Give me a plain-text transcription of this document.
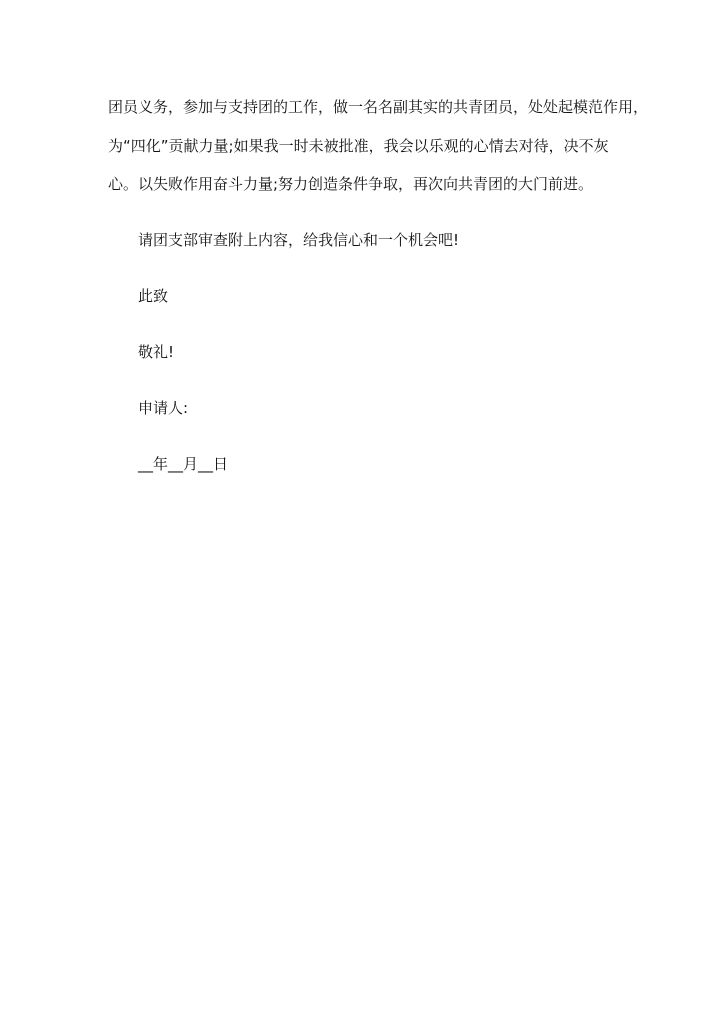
团员义务，参加与支持团的工作，做一名名副其实的共青团员，处处起模范作用，
为“四化”贡献力量;如果我一时未被批准，我会以乐观的心情去对待，决不灰
心。以失败作用奋斗力量;努力创造条件争取，再次向共青团的大门前进。
请团支部审查附上内容，给我信心和一个机会吧!
此致
敬礼!
申请人:
__年__月__日
